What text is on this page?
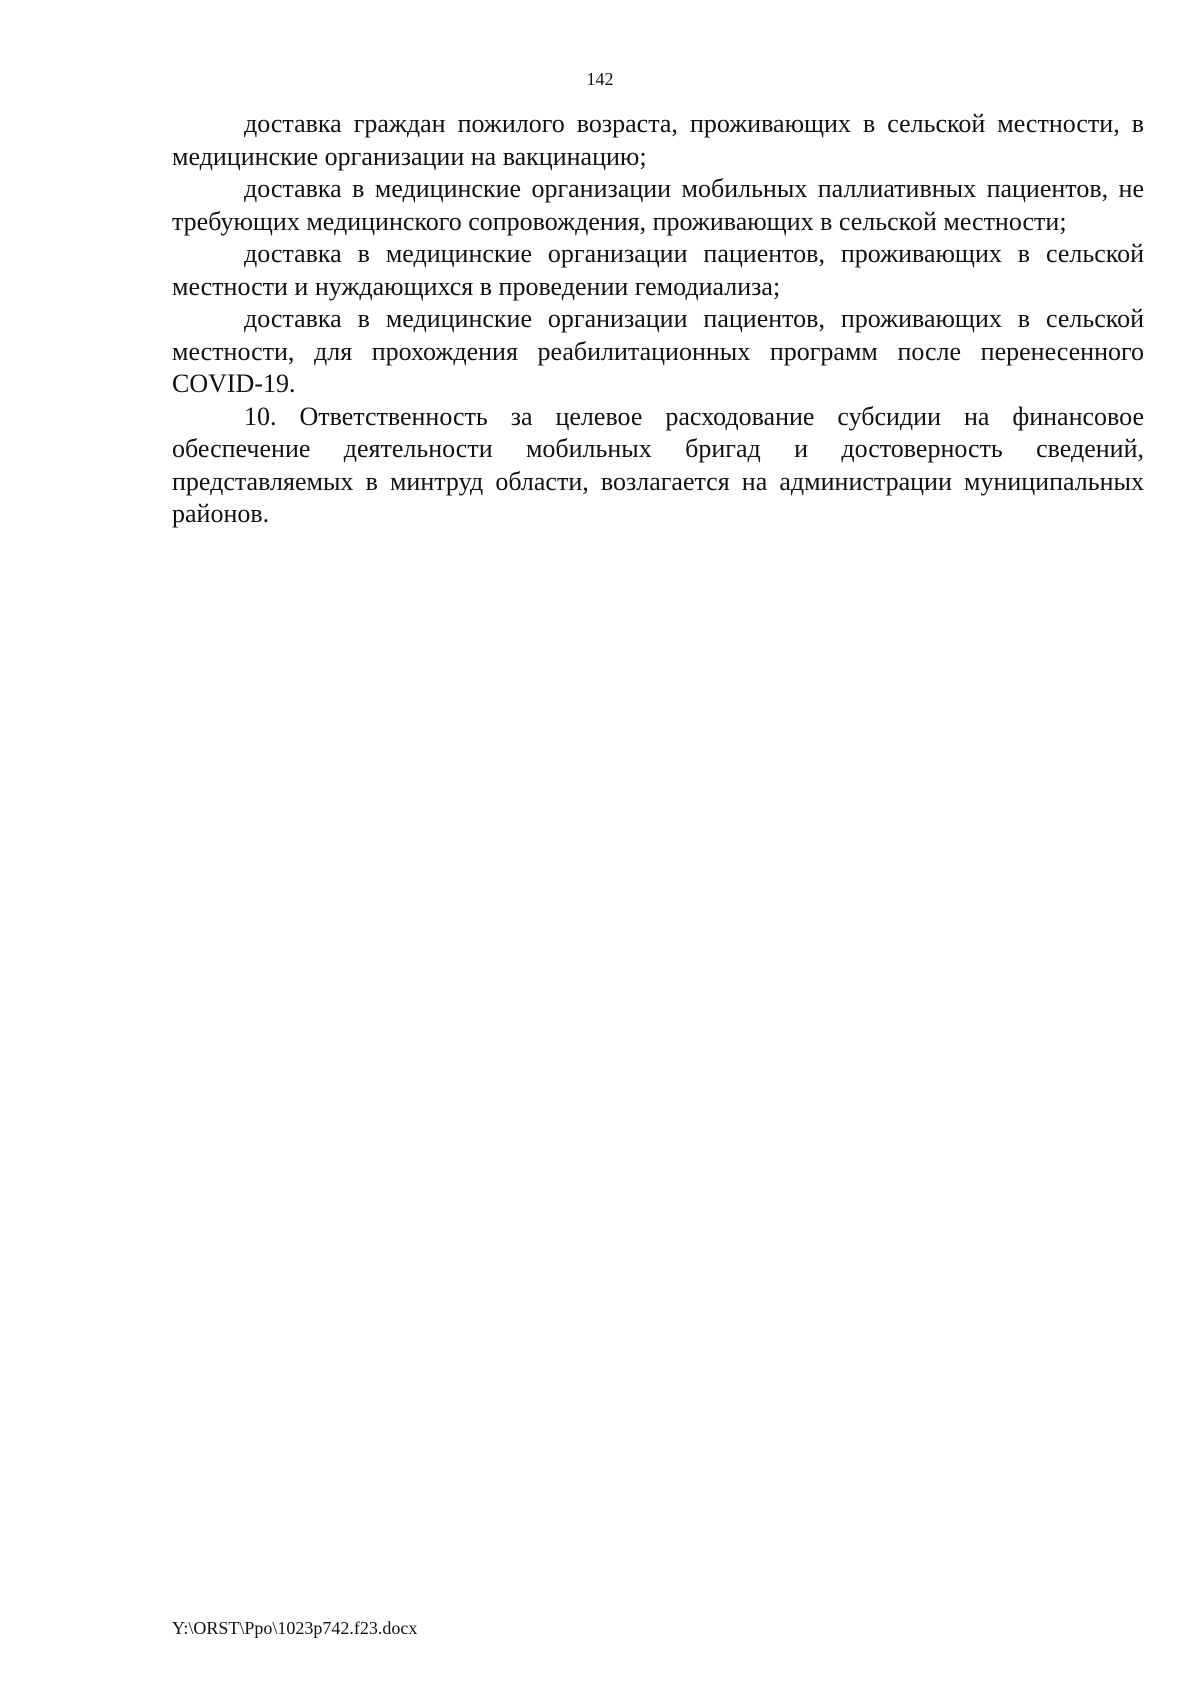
142

доставка граждан пожилого возраста, проживающих в сельской местности, в медицинские организации на вакцинацию;

доставка в медицинские организации мобильных паллиативных пациентов, не требующих медицинского сопровождения, проживающих в сельской местности;

доставка в медицинские организации пациентов, проживающих в сельской местности и нуждающихся в проведении гемодиализа;

доставка в медицинские организации пациентов, проживающих в сельской местности, для прохождения реабилитационных программ после перенесенного COVID-19.

10. Ответственность за целевое расходование субсидии на финансовое обеспечение деятельности мобильных бригад и достоверность сведений, представляемых в минтруд области, возлагается на администрации муниципальных районов.

Y:\ORST\Ppo\1023p742.f23.docx
